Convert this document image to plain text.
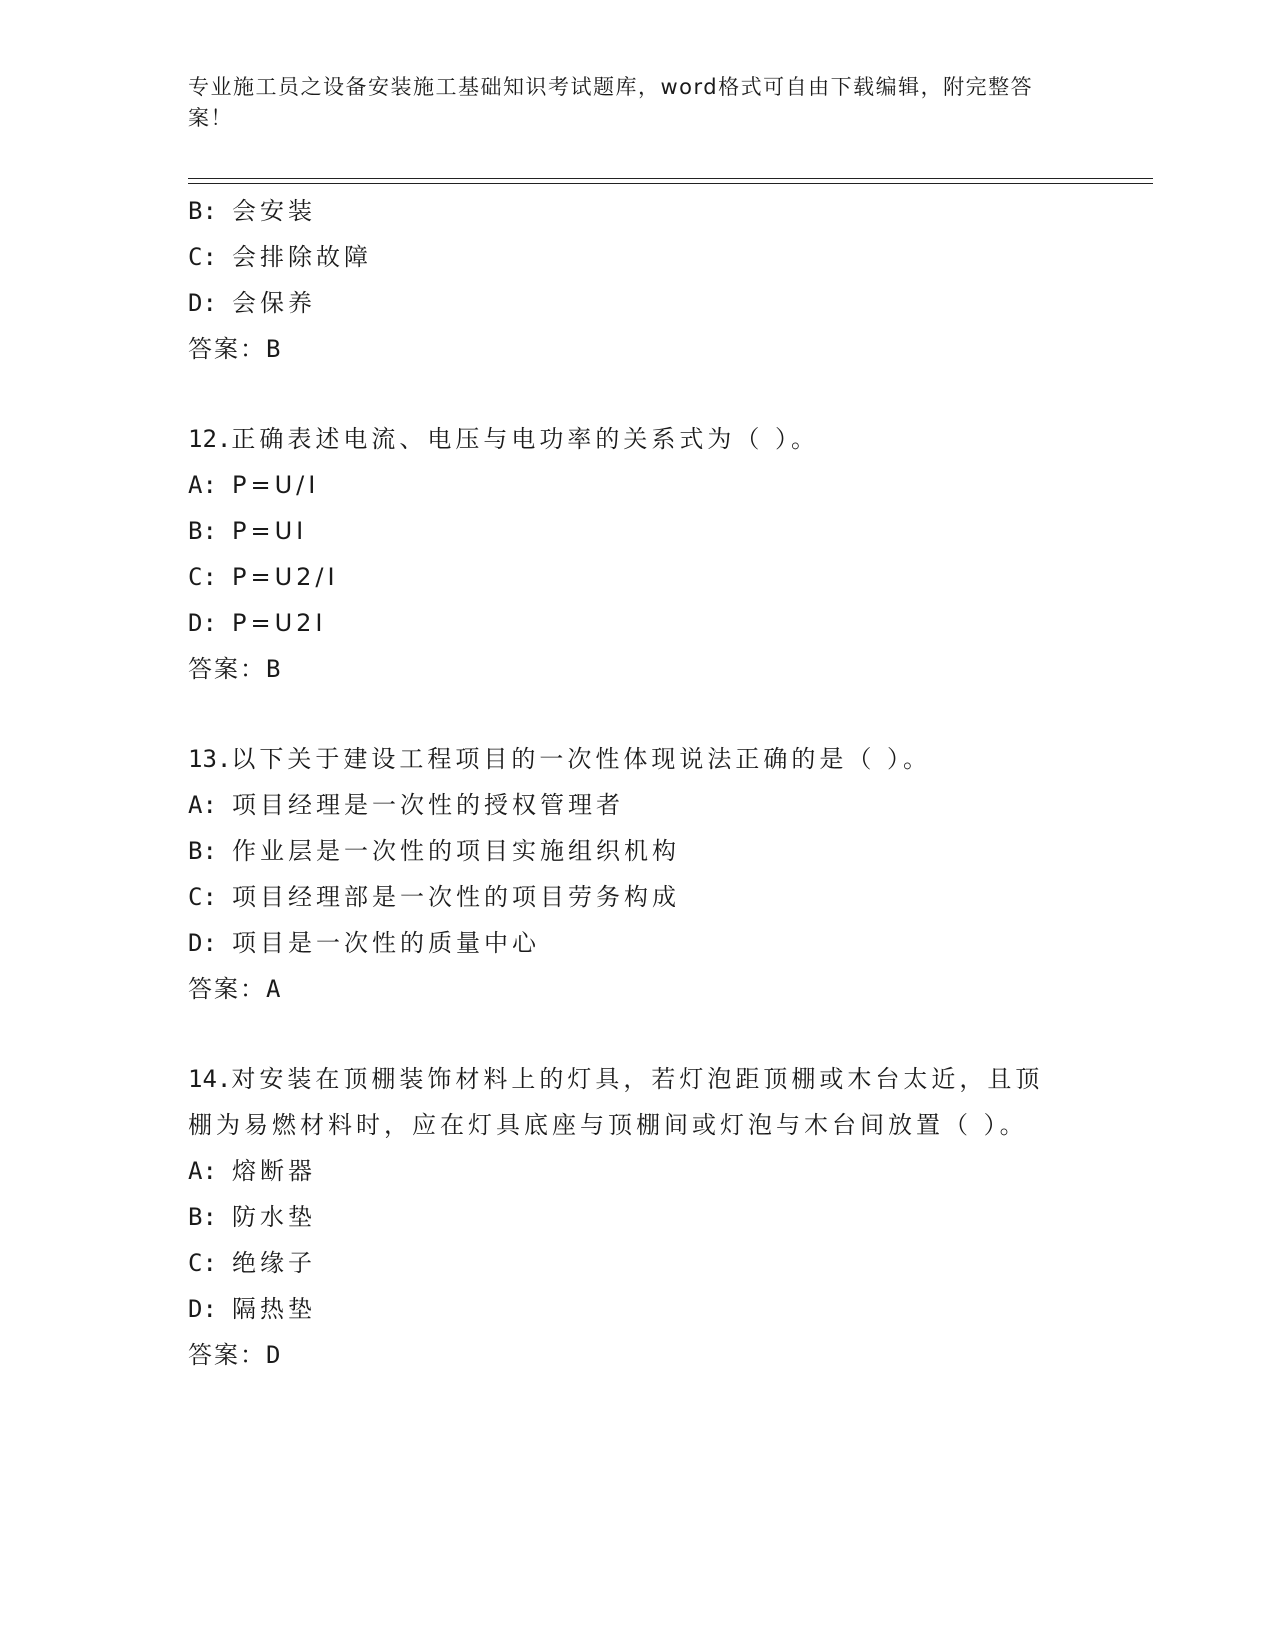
专业施工员之设备安装施工基础知识考试题库，word格式可自由下载编辑，附完整答案！
B: 会安装
C: 会排除故障
D: 会保养
答案：B
12.正确表述电流、电压与电功率的关系式为（ ）。
A: P=U/I
B: P=UI
C: P=U2/I
D: P=U2I
答案：B
13.以下关于建设工程项目的一次性体现说法正确的是（ ）。
A: 项目经理是一次性的授权管理者
B: 作业层是一次性的项目实施组织机构
C: 项目经理部是一次性的项目劳务构成
D: 项目是一次性的质量中心
答案：A
14.对安装在顶棚装饰材料上的灯具，若灯泡距顶棚或木台太近，且顶棚为易燃材料时，应在灯具底座与顶棚间或灯泡与木台间放置（ ）。
A: 熔断器
B: 防水垫
C: 绝缘子
D: 隔热垫
答案：D
